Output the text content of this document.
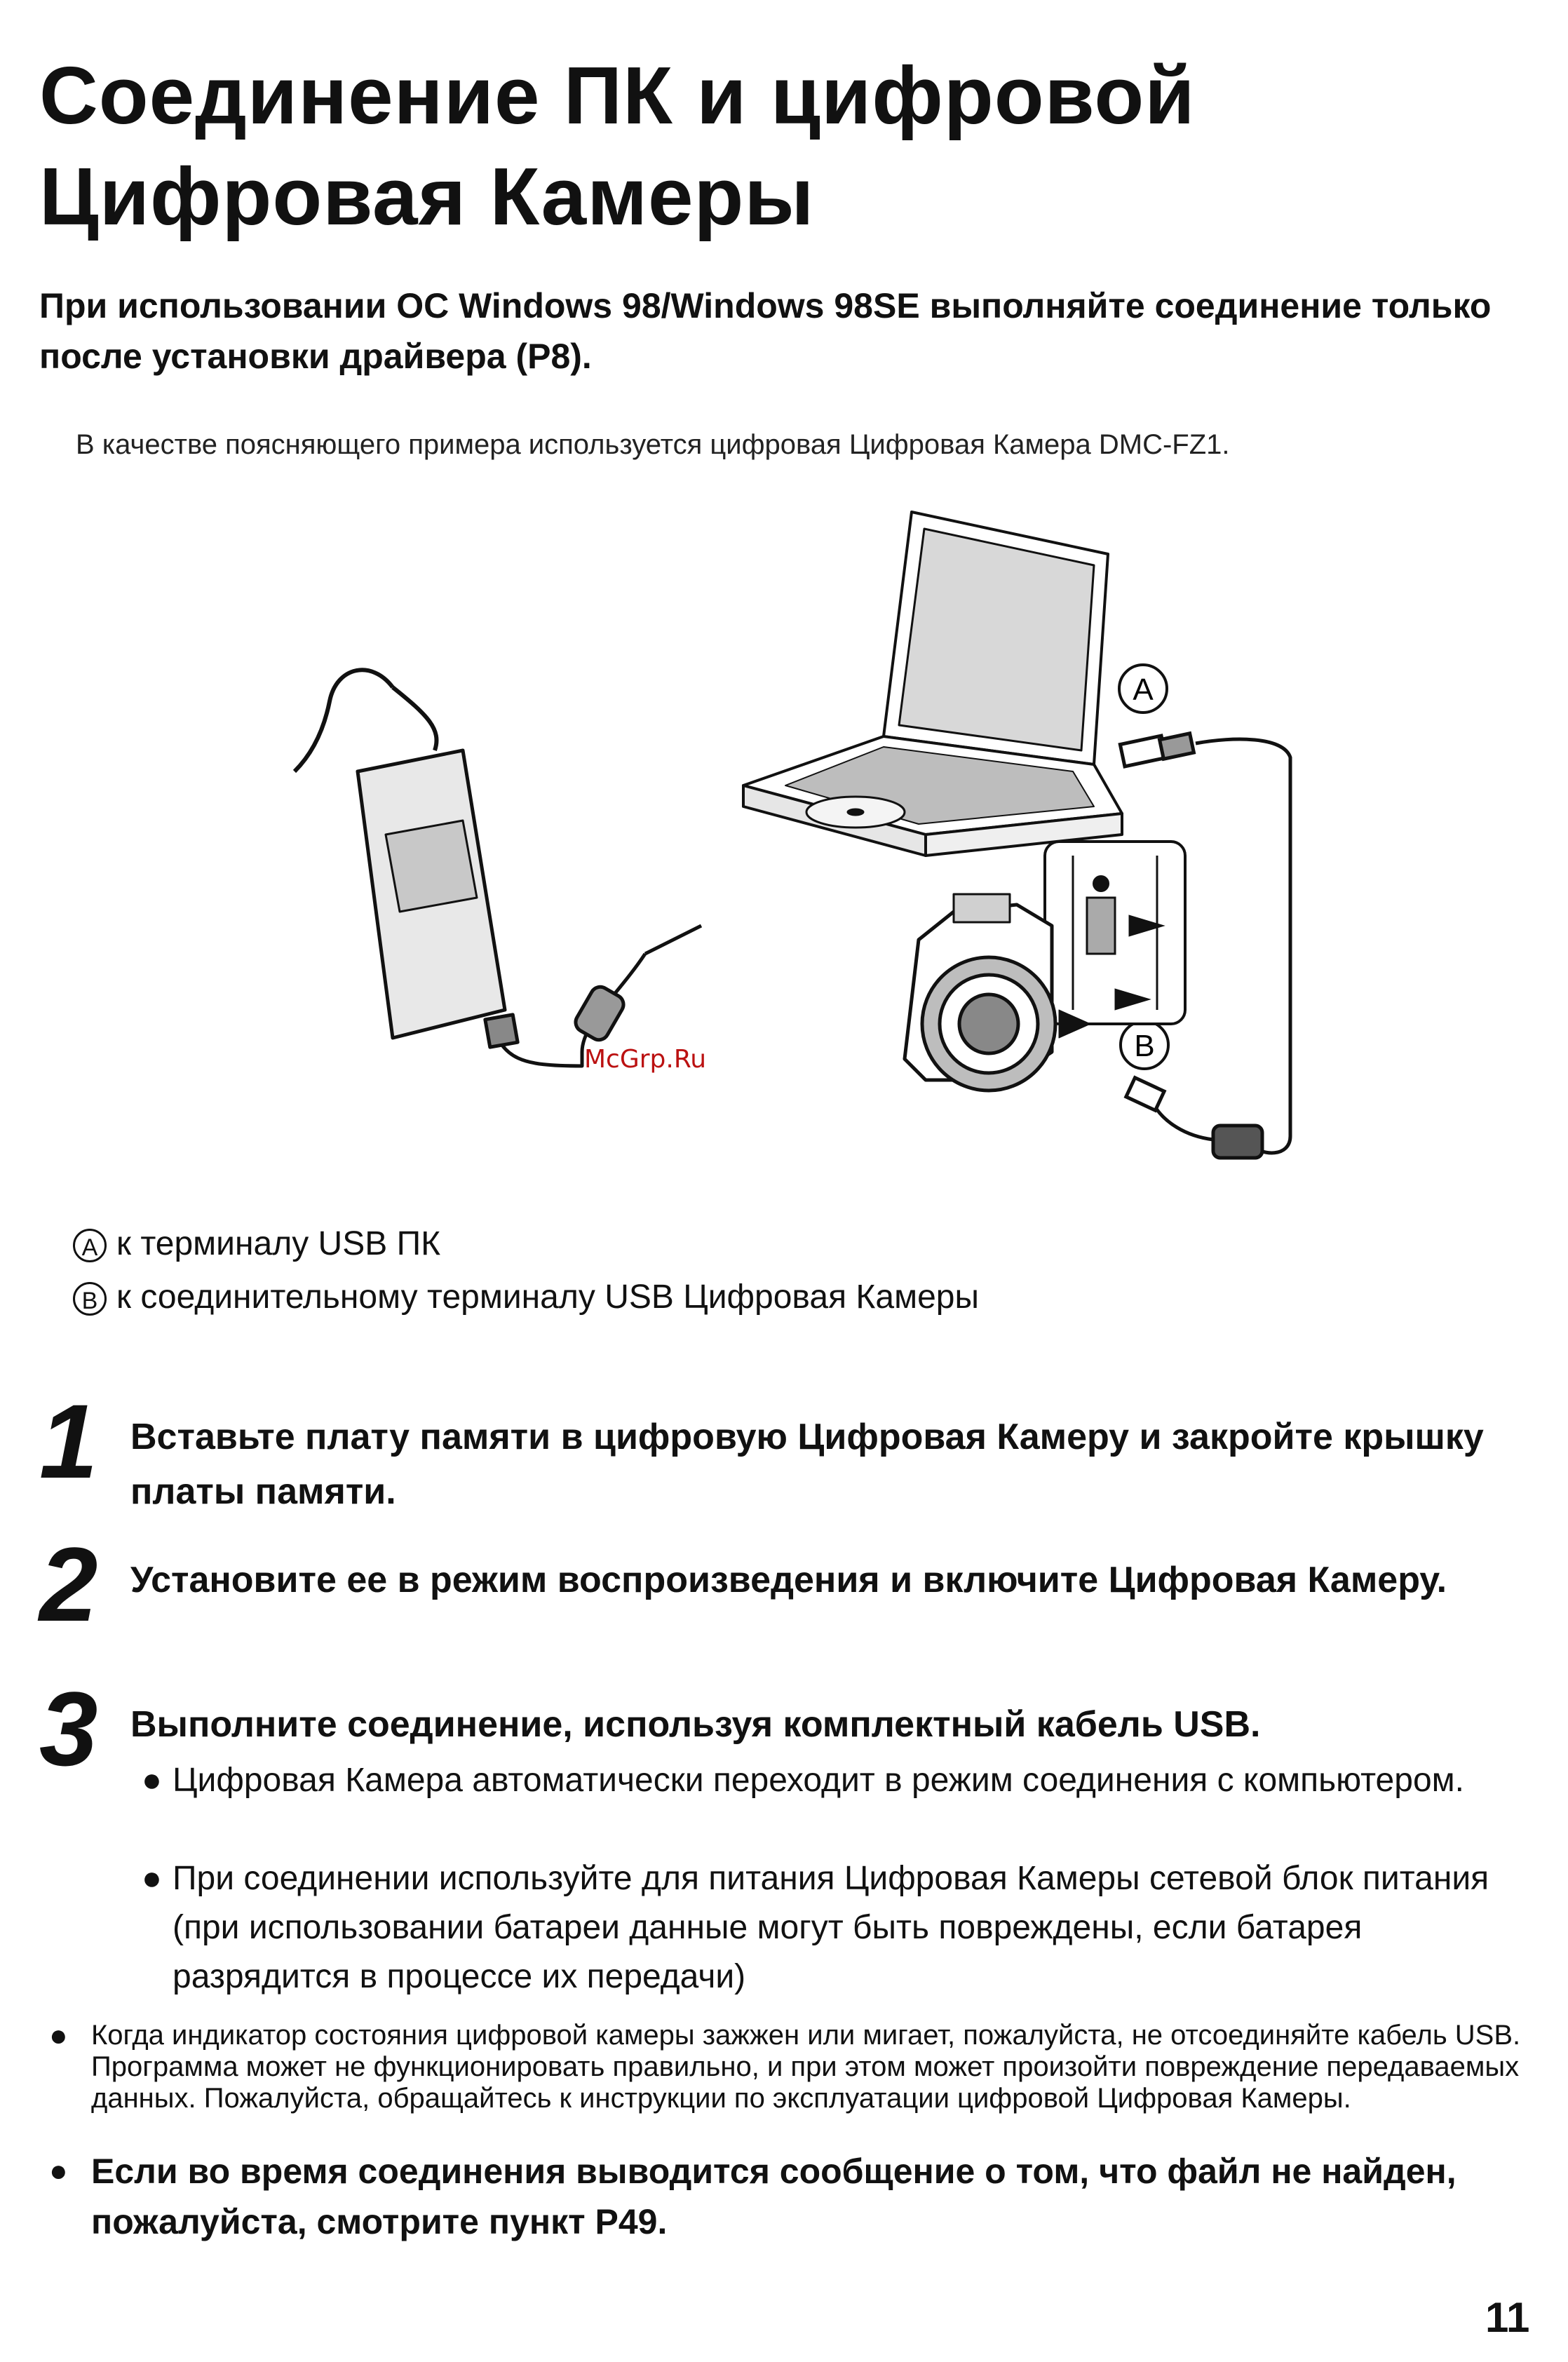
Соединение ПК и цифровой
Цифровая Камеры
При использовании ОС Windows 98/Windows 98SE выполняйте соединение только после установки драйвера (P8).
В качестве поясняющего примера используется цифровая Цифровая Камера DMC-FZ1.
A
B
McGrp.Ru
A к терминалу USB ПК
B к соединительному терминалу USB Цифровая Камеры
1 Вставьте плату памяти в цифровую Цифровая Камеру и закройте крышку платы памяти.
2 Установите ее в режим воспроизведения и включите Цифровая Камеру.
3 Выполните соединение, используя комплектный кабель USB.
● Цифровая Камера автоматически переходит в режим соединения с компьютером.
● При соединении используйте для питания Цифровая Камеры сетевой блок питания (при использовании батареи данные могут быть повреждены, если батарея разрядится в процессе их передачи)
● Когда индикатор состояния цифровой камеры зажжен или мигает, пожалуйста, не отсоединяйте кабель USB. Программа может не функционировать правильно, и при этом может произойти повреждение передаваемых данных. Пожалуйста, обращайтесь к инструкции по эксплуатации цифровой Цифровая Камеры.
● Если во время соединения выводится сообщение о том, что файл не найден, пожалуйста, смотрите пункт P49.
11
